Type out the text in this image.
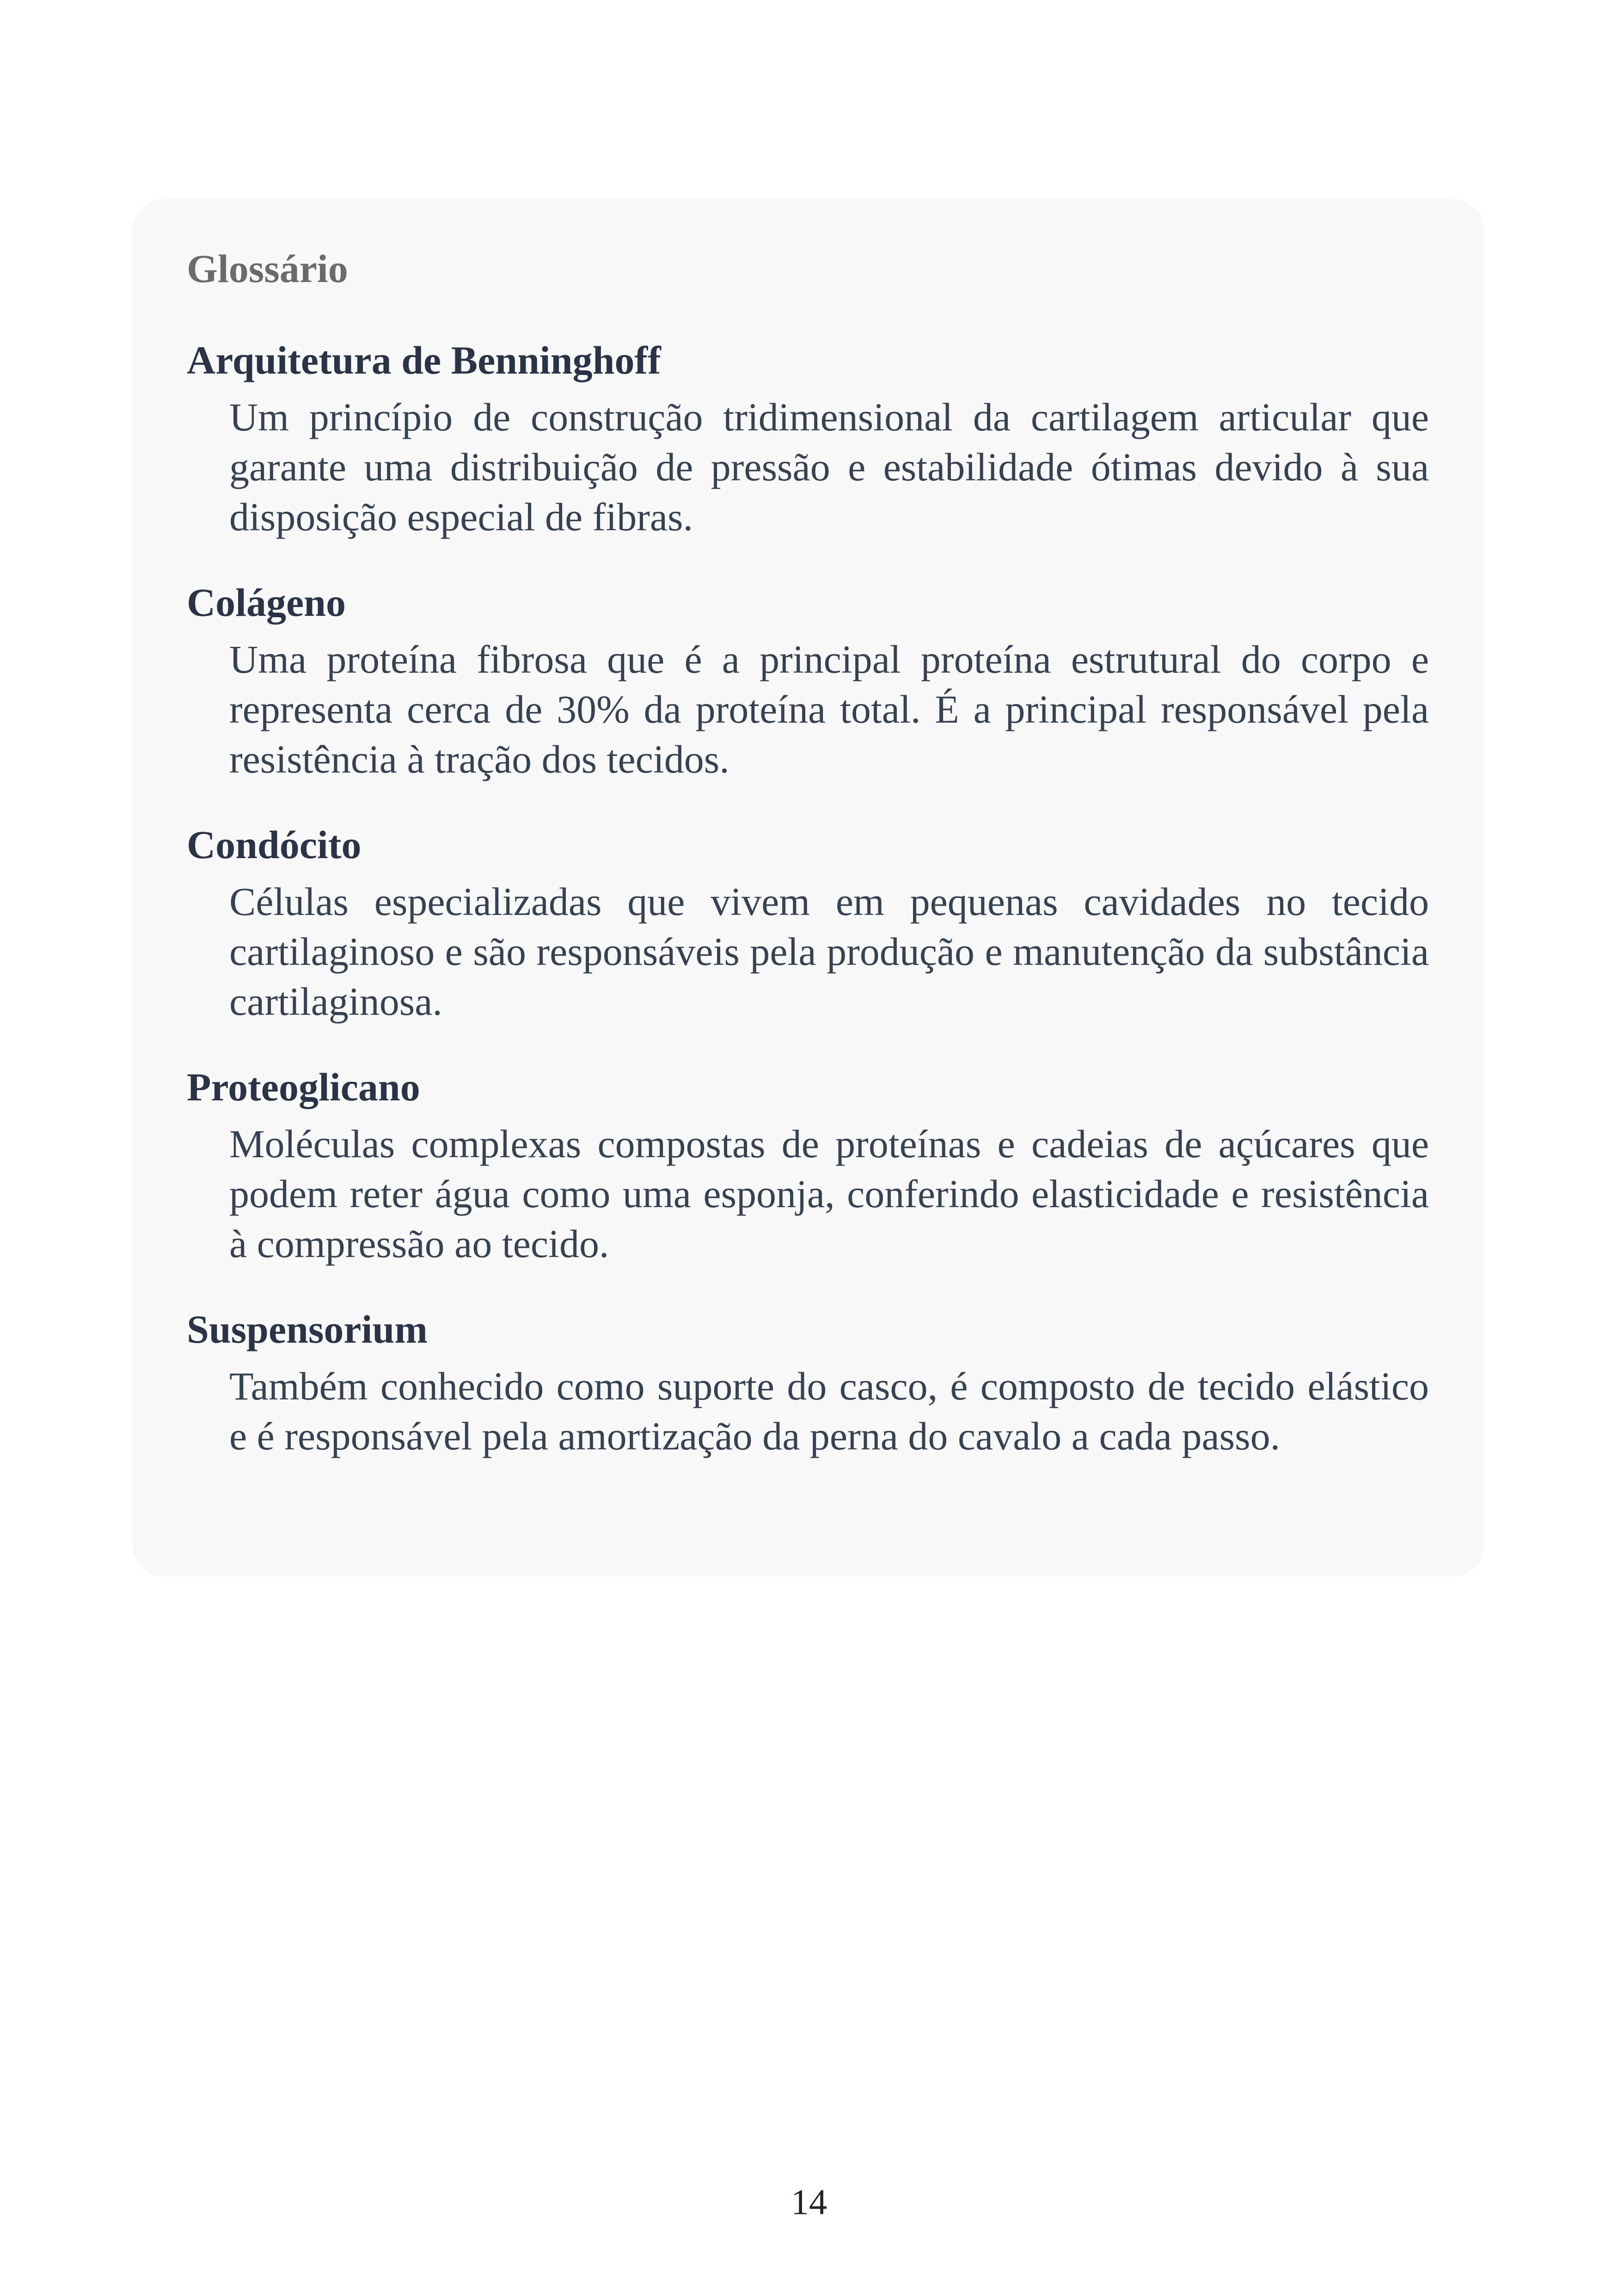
Glossário
Arquitetura de Benninghoff
Um princípio de construção tridimensional da cartilagem articular que garante uma distribuição de pressão e estabilidade ótimas devido à sua disposição especial de fibras.
Colágeno
Uma proteína fibrosa que é a principal proteína estrutural do corpo e representa cerca de 30% da proteína total. É a principal responsável pela resistência à tração dos tecidos.
Condócito
Células especializadas que vivem em pequenas cavidades no tecido cartilaginoso e são responsáveis pela produção e manutenção da substância cartilaginosa.
Proteoglicano
Moléculas complexas compostas de proteínas e cadeias de açúcares que podem reter água como uma esponja, conferindo elasticidade e resistência à compressão ao tecido.
Suspensorium
Também conhecido como suporte do casco, é composto de tecido elástico e é responsável pela amortização da perna do cavalo a cada passo.
14
